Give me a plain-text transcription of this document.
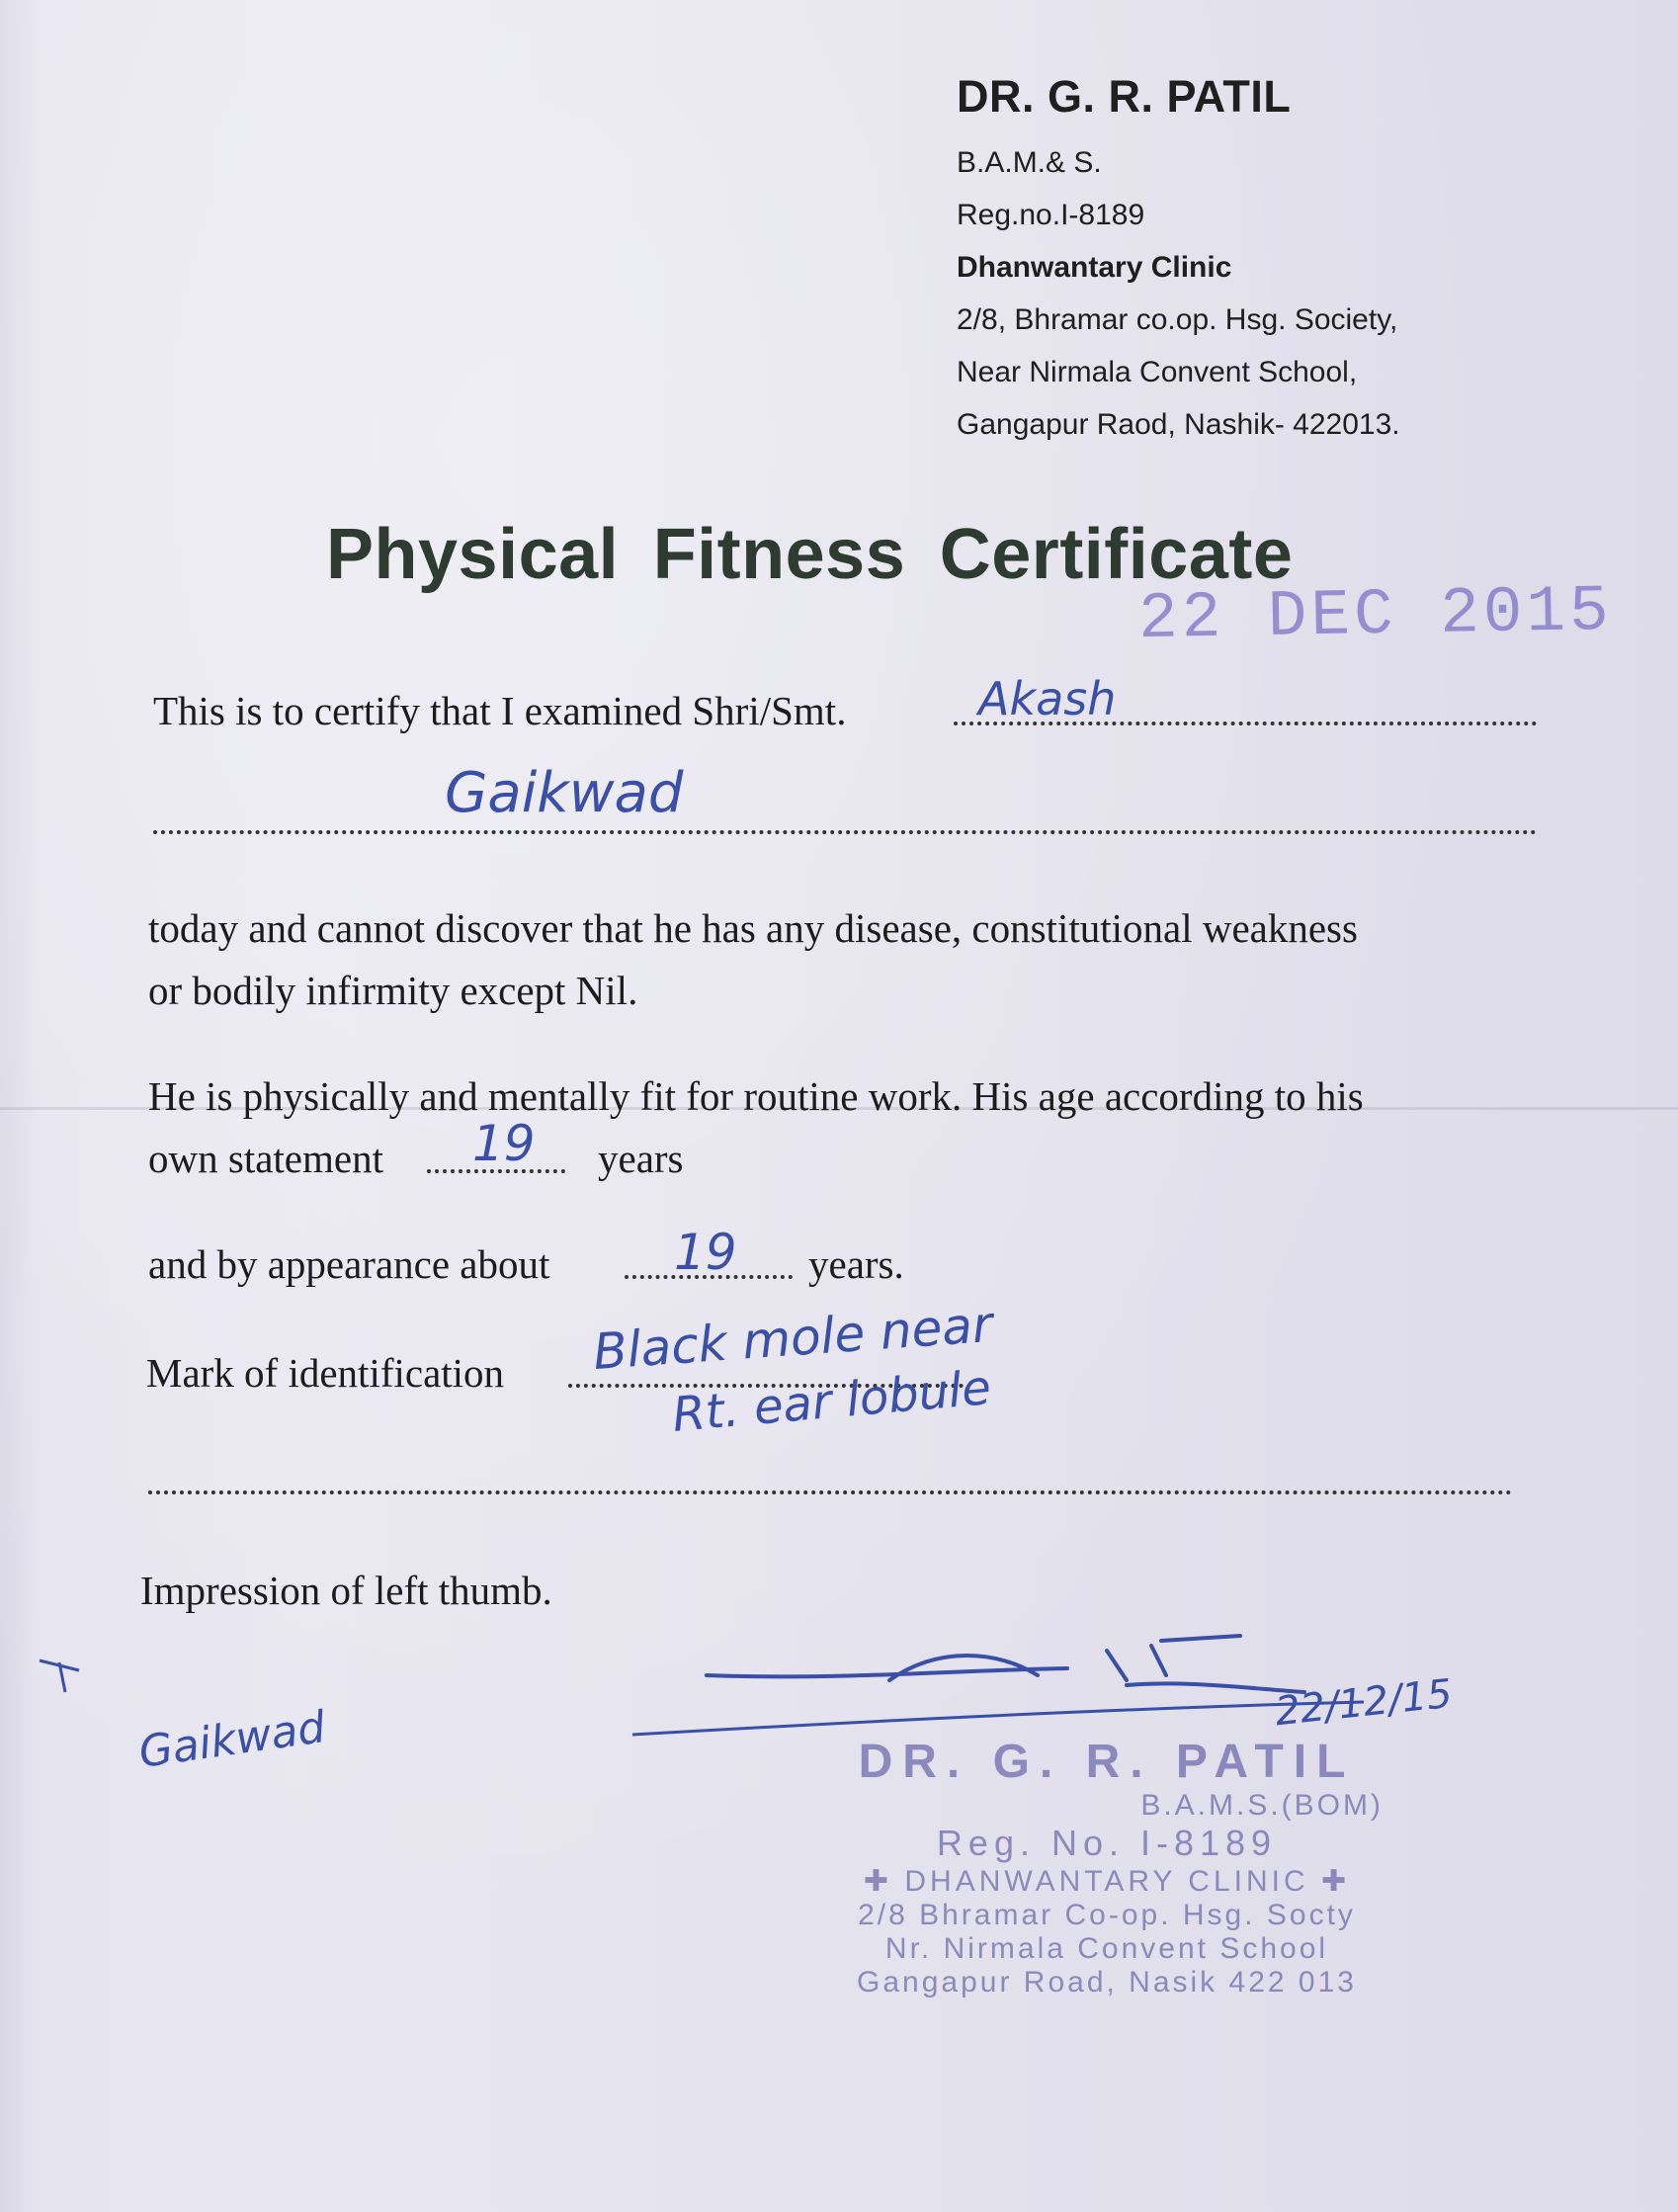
DR. G. R. PATIL
B.A.M.& S.
Reg.no.I-8189
Dhanwantary Clinic
2/8, Bhramar co.op. Hsg. Society,
Near Nirmala Convent School,
Gangapur Raod, Nashik- 422013.
Physical Fitness Certificate
22 DEC 2015
This is to certify that I examined Shri/Smt.	Akash
Gaikwad
today and cannot discover that he has any disease, constitutional weakness
or bodily infirmity except Nil.
He is physically and mentally fit for routine work. His age according to his
own statement 19 years
and by appearance about	19 years.
Mark of identification Black mole near
Rt. ear lobule
Impression of left thumb.
Gaikwad	22/12/15
DR. G. R. PATIL
B.A.M.S.(BOM)
Reg. No. I-8189
✚ DHANWANTARY CLINIC ✚
2/8 Bhramar Co-op. Hsg. Socty
Nr. Nirmala Convent School
Gangapur Road, Nasik 422 013
